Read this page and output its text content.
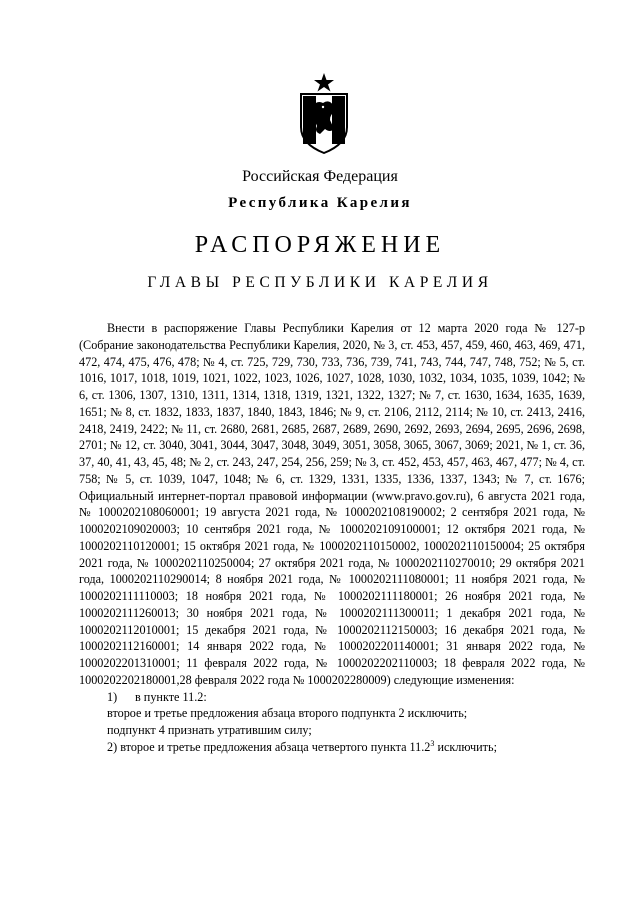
Российская Федерация
Республика Карелия
РАСПОРЯЖЕНИЕ
ГЛАВЫ РЕСПУБЛИКИ КАРЕЛИЯ

Внести в распоряжение Главы Республики Карелия от 12 марта 2020 года № 127-р (Собрание законодательства Республики Карелия, 2020, № 3, ст. 453, 457, 459, 460, 463, 469, 471, 472, 474, 475, 476, 478; № 4, ст. 725, 729, 730, 733, 736, 739, 741, 743, 744, 747, 748, 752; № 5, ст. 1016, 1017, 1018, 1019, 1021, 1022, 1023, 1026, 1027, 1028, 1030, 1032, 1034, 1035, 1039, 1042; № 6, ст. 1306, 1307, 1310, 1311, 1314, 1318, 1319, 1321, 1322, 1327; № 7, ст. 1630, 1634, 1635, 1639, 1651; № 8, ст. 1832, 1833, 1837, 1840, 1843, 1846; № 9, ст. 2106, 2112, 2114; № 10, ст. 2413, 2416, 2418, 2419, 2422; № 11, ст. 2680, 2681, 2685, 2687, 2689, 2690, 2692, 2693, 2694, 2695, 2696, 2698, 2701; № 12, ст. 3040, 3041, 3044, 3047, 3048, 3049, 3051, 3058, 3065, 3067, 3069; 2021, № 1, ст. 36, 37, 40, 41, 43, 45, 48; № 2, ст. 243, 247, 254, 256, 259; № 3, ст. 452, 453, 457, 463, 467, 477; № 4, ст. 758; № 5, ст. 1039, 1047, 1048; № 6, ст. 1329, 1331, 1335, 1336, 1337, 1343; № 7, ст. 1676; Официальный интернет-портал правовой информации (www.pravo.gov.ru), 6 августа 2021 года, № 1000202108060001; 19 августа 2021 года, № 1000202108190002; 2 сентября 2021 года, № 1000202109020003; 10 сентября 2021 года, № 1000202109100001; 12 октября 2021 года, № 1000202110120001; 15 октября 2021 года, № 1000202110150002, 1000202110150004; 25 октября 2021 года, № 1000202110250004; 27 октября 2021 года, № 1000202110270010; 29 октября 2021 года, 1000202110290014; 8 ноября 2021 года, № 1000202111080001; 11 ноября 2021 года, № 1000202111110003; 18 ноября 2021 года, № 1000202111180001; 26 ноября 2021 года, № 1000202111260013; 30 ноября 2021 года, № 1000202111300011; 1 декабря 2021 года, № 1000202112010001; 15 декабря 2021 года, № 1000202112150003; 16 декабря 2021 года, № 1000202112160001; 14 января 2022 года, № 1000202201140001; 31 января 2022 года, № 1000202201310001; 11 февраля 2022 года, № 1000202202110003; 18 февраля 2022 года, № 1000202202180001,28 февраля 2022 года № 1000202280009) следующие изменения:

1) в пункте 11.2:

второе и третье предложения абзаца второго подпункта 2 исключить;

подпункт 4 признать утратившим силу;

2) второе и третье предложения абзаца четвертого пункта 11.2$^3$ исключить;
